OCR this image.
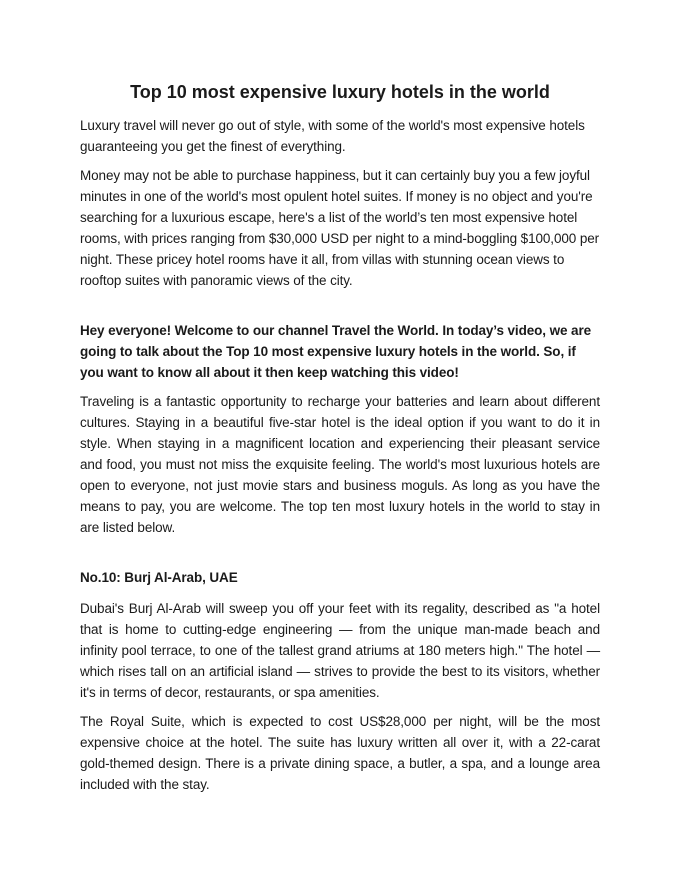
Top 10 most expensive luxury hotels in the world

Luxury travel will never go out of style, with some of the world's most expensive hotels guaranteeing you get the finest of everything.

Money may not be able to purchase happiness, but it can certainly buy you a few joyful minutes in one of the world's most opulent hotel suites. If money is no object and you're searching for a luxurious escape, here's a list of the world’s ten most expensive hotel rooms, with prices ranging from $30,000 USD per night to a mind-boggling $100,000 per night. These pricey hotel rooms have it all, from villas with stunning ocean views to rooftop suites with panoramic views of the city.

Hey everyone! Welcome to our channel Travel the World. In today’s video, we are going to talk about the Top 10 most expensive luxury hotels in the world. So, if you want to know all about it then keep watching this video!

Traveling is a fantastic opportunity to recharge your batteries and learn about different cultures. Staying in a beautiful five-star hotel is the ideal option if you want to do it in style. When staying in a magnificent location and experiencing their pleasant service and food, you must not miss the exquisite feeling. The world's most luxurious hotels are open to everyone, not just movie stars and business moguls. As long as you have the means to pay, you are welcome. The top ten most luxury hotels in the world to stay in are listed below.

No.10: Burj Al-Arab, UAE

Dubai's Burj Al-Arab will sweep you off your feet with its regality, described as "a hotel that is home to cutting-edge engineering — from the unique man-made beach and infinity pool terrace, to one of the tallest grand atriums at 180 meters high." The hotel — which rises tall on an artificial island — strives to provide the best to its visitors, whether it's in terms of decor, restaurants, or spa amenities.

The Royal Suite, which is expected to cost US$28,000 per night, will be the most expensive choice at the hotel. The suite has luxury written all over it, with a 22-carat gold-themed design. There is a private dining space, a butler, a spa, and a lounge area included with the stay.
